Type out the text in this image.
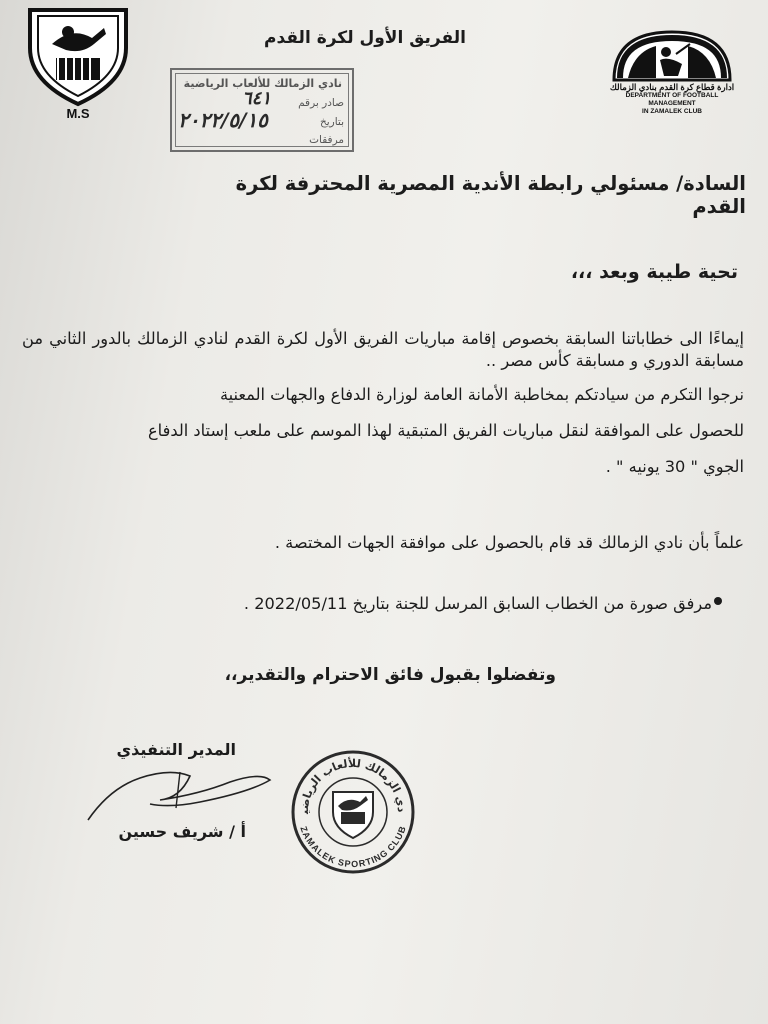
M.S
ادارة قطاع كرة القدم بنادي الزمالك
DEPARTMENT OF FOOTBALL MANAGEMENT
IN ZAMALEK CLUB
الفريق الأول لكرة القدم
نادي الزمالك للألعاب الرياضية
صادر برقم
بتاريخ
مرفقات
٦٤١
٢٠٢٢/٥/١٥
السادة/ مسئولي رابطة الأندية المصرية المحترفة لكرة القدم
تحية طيبة وبعد ،،،
إيماءًا الى خطاباتنا السابقة بخصوص إقامة مباريات الفريق الأول لكرة القدم لنادي الزمالك بالدور الثاني من مسابقة الدوري و مسابقة كأس مصر ..
نرجوا التكرم من سيادتكم بمخاطبة الأمانة العامة لوزارة الدفاع والجهات المعنية
للحصول على الموافقة لنقل مباريات الفريق المتبقية لهذا الموسم على ملعب إستاد الدفاع
الجوي " 30 يونيه " .
علماً بأن نادي الزمالك قد قام بالحصول على موافقة الجهات المختصة .
مرفق صورة من الخطاب السابق المرسل للجنة بتاريخ 2022/05/11 .
وتفضلوا بقبول فائق الاحترام والتقدير،،
المدير التنفيذي
أ / شريف حسين
دي الزمالك للألعاب الرياضي
ZAMALEK SPORTING CLUB
